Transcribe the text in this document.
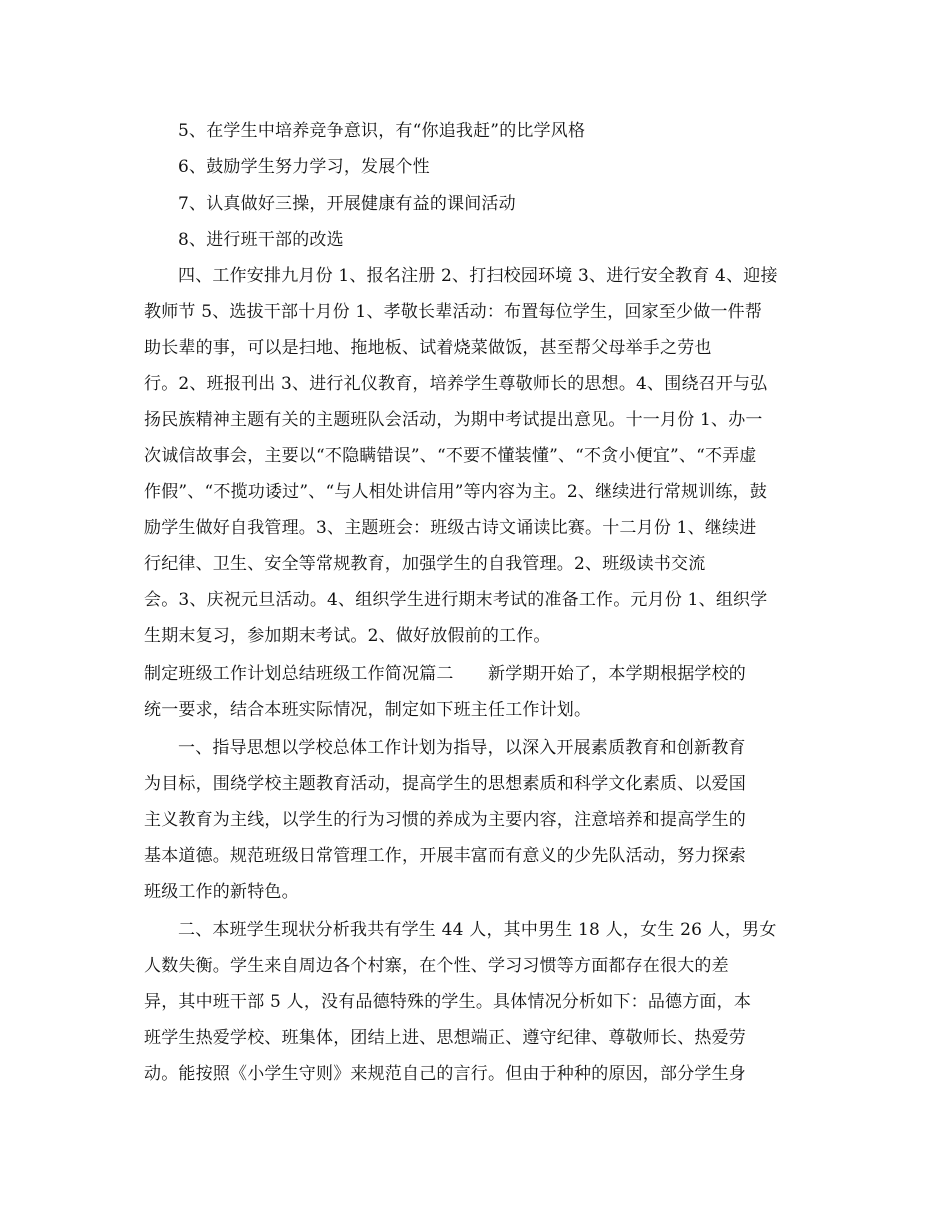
5、在学生中培养竞争意识，有“你追我赶”的比学风格
6、鼓励学生努力学习，发展个性
7、认真做好三操，开展健康有益的课间活动
8、进行班干部的改选
四、工作安排九月份 1、报名注册 2、打扫校园环境 3、进行安全教育 4、迎接
教师节 5、选拔干部十月份 1、孝敬长辈活动：布置每位学生，回家至少做一件帮
助长辈的事，可以是扫地、拖地板、试着烧菜做饭，甚至帮父母举手之劳也
行。2、班报刊出 3、进行礼仪教育，培养学生尊敬师长的思想。4、围绕召开与弘
扬民族精神主题有关的主题班队会活动，为期中考试提出意见。十一月份 1、办一
次诚信故事会，主要以“不隐瞒错误”、“不要不懂装懂”、“不贪小便宜”、“不弄虚
作假”、“不揽功诿过”、“与人相处讲信用”等内容为主。2、继续进行常规训练，鼓
励学生做好自我管理。3、主题班会：班级古诗文诵读比赛。十二月份 1、继续进
行纪律、卫生、安全等常规教育，加强学生的自我管理。2、班级读书交流
会。3、庆祝元旦活动。4、组织学生进行期末考试的准备工作。元月份 1、组织学
生期末复习，参加期末考试。2、做好放假前的工作。
制定班级工作计划总结班级工作简况篇二　　新学期开始了，本学期根据学校的
统一要求，结合本班实际情况，制定如下班主任工作计划。
一、指导思想以学校总体工作计划为指导，以深入开展素质教育和创新教育
为目标，围绕学校主题教育活动，提高学生的思想素质和科学文化素质、以爱国
主义教育为主线，以学生的行为习惯的养成为主要内容，注意培养和提高学生的
基本道德。规范班级日常管理工作，开展丰富而有意义的少先队活动，努力探索
班级工作的新特色。
二、本班学生现状分析我共有学生 44 人，其中男生 18 人，女生 26 人，男女
人数失衡。学生来自周边各个村寨，在个性、学习习惯等方面都存在很大的差
异，其中班干部 5 人，没有品德特殊的学生。具体情况分析如下：品德方面，本
班学生热爱学校、班集体，团结上进、思想端正、遵守纪律、尊敬师长、热爱劳
动。能按照《小学生守则》来规范自己的言行。但由于种种的原因，部分学生身
